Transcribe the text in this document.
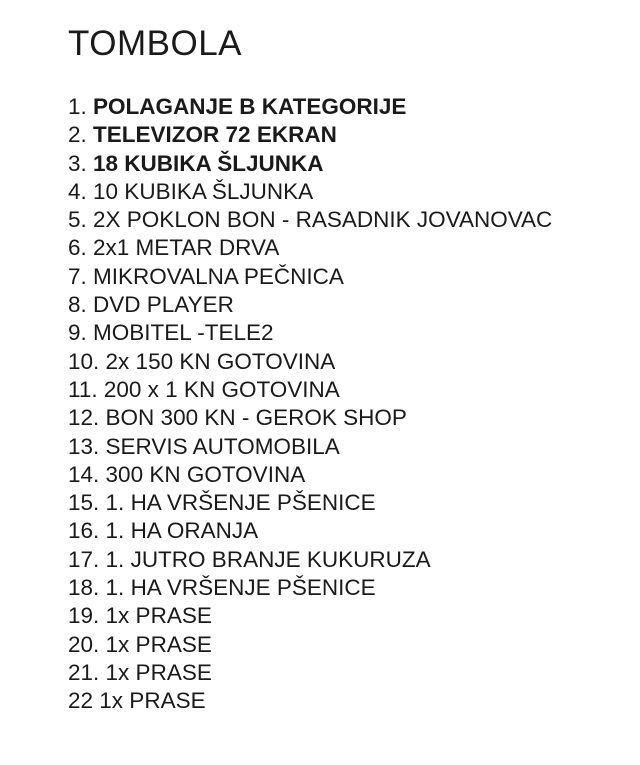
TOMBOLA
1. POLAGANJE B KATEGORIJE
2. TELEVIZOR 72 EKRAN
3. 18 KUBIKA ŠLJUNKA
4. 10 KUBIKA ŠLJUNKA
5. 2X POKLON BON - RASADNIK JOVANOVAC
6. 2x1 METAR DRVA
7. MIKROVALNA PEČNICA
8. DVD PLAYER
9. MOBITEL -TELE2
10. 2x 150 KN GOTOVINA
11. 200 x 1 KN GOTOVINA
12. BON 300 KN - GEROK SHOP
13. SERVIS AUTOMOBILA
14. 300 KN GOTOVINA
15. 1. HA VRŠENJE PŠENICE
16. 1. HA ORANJA
17. 1. JUTRO BRANJE KUKURUZA
18. 1. HA VRŠENJE PŠENICE
19. 1x PRASE
20. 1x PRASE
21. 1x PRASE
22 1x PRASE
